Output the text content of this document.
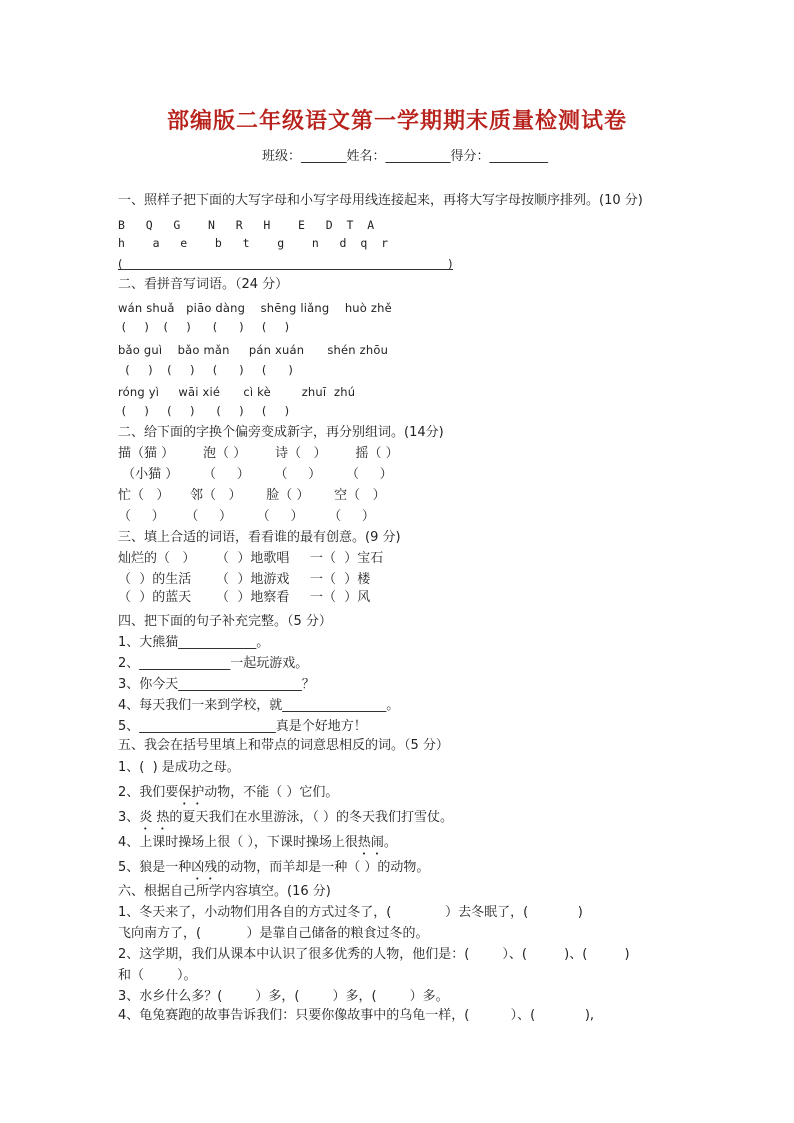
部编版二年级语文第一学期期末质量检测试卷
班级：_______姓名：__________得分：_________
一、照样子把下面的大写字母和小写字母用线连接起来，再将大写字母按顺序排列。(10 分)
B   Q   G    N   R   H    E   D  T  A
h    a   e    b   t    g    n   d  q  r
(	)
二、看拼音写词语。（24 分）
wán shuǎ   piāo dàng    shēng liǎng    huò zhě
(     )    (     )      (      )     (     )
bǎo guì    bǎo mǎn     pán xuán      shén zhōu
(     )    (     )     (      )     (      )
róng yì     wāi xié      cì kè        zhuī  zhú
(     )     (     )      (     )     (     )
二、给下面的字换个偏旁变成新字，再分别组词。(14分)
描（猫 ）       泡（ ）       诗（   ）       摇（ ）
（小猫 ）      （     ）      （     ）      （     ）
忙（   ）     邻（   ）      脸（ ）      空（   ）
（     ）     （     ）      （     ）      （     ）
三、填上合适的词语，看看谁的最有创意。(9 分)
灿烂的（   ）     （  ）地歌唱     一（  ）宝石
（  ）的生活      （  ）地游戏     一（  ）楼
（  ）的蓝天      （  ）地察看     一（  ）风
四、把下面的句子补充完整。（5 分）
1、大熊猫____________。
2、______________一起玩游戏。
3、你今天___________________？
4、每天我们一来到学校，就________________。
5、_____________________真是个好地方！
五、我会在括号里填上和带点的词意思相反的词。（5 分）
1、(  ) 是成功之母。
2、我们要保护动物，不能（ ）它们。
3、炎 热的夏天我们在水里游泳，（ ）的冬天我们打雪仗。
4、上课时操场上很（ ），下课时操场上很热闹。
5、狼是一种凶残的动物，而羊却是一种（ ）的动物。
六、根据自己所学内容填空。(16 分)
1、冬天来了，小动物们用各自的方式过冬了，(             ）去冬眠了，(            )
飞向南方了，(           ）是靠自己储备的粮食过冬的。
2、这学期，我们从课本中认识了很多优秀的人物，他们是：(        ）、(         )、(         )
和（        ）。
3、水乡什么多？(        ）多，(        ）多，(        ）多。
4、龟兔赛跑的故事告诉我们：只要你像故事中的乌龟一样，(          ）、(            ),
